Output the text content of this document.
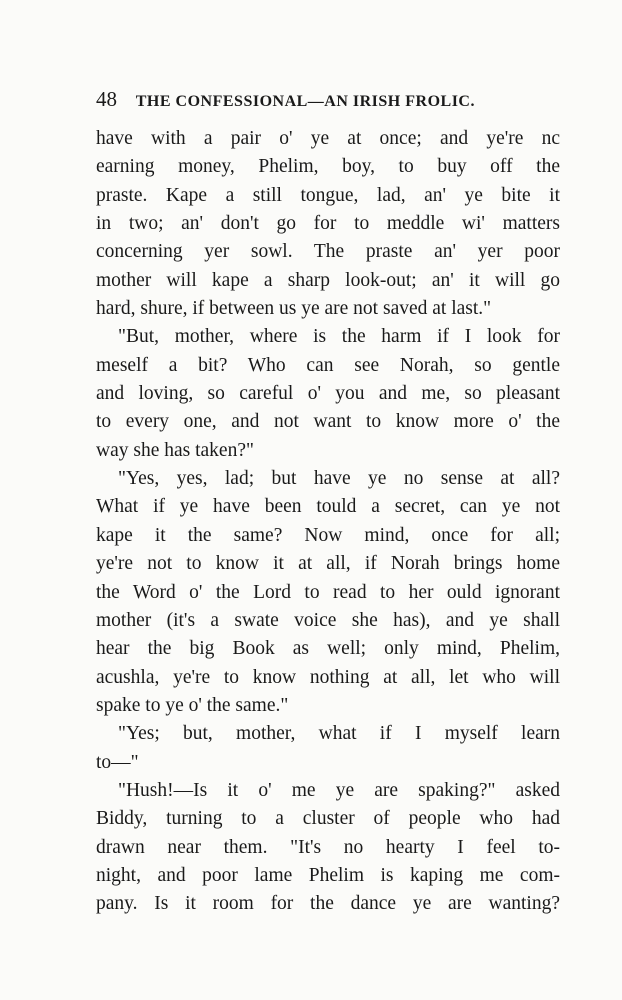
48 THE CONFESSIONAL—AN IRISH FROLIC.
have with a pair o' ye at once; and ye're nc
earning money, Phelim, boy, to buy off the
praste. Kape a still tongue, lad, an' ye bite it
in two; an' don't go for to meddle wi' matters
concerning yer sowl. The praste an' yer poor
mother will kape a sharp look-out; an' it will go
hard, shure, if between us ye are not saved at last."
"But, mother, where is the harm if I look for
meself a bit? Who can see Norah, so gentle
and loving, so careful o' you and me, so pleasant
to every one, and not want to know more o' the
way she has taken?"
"Yes, yes, lad; but have ye no sense at all?
What if ye have been tould a secret, can ye not
kape it the same? Now mind, once for all;
ye're not to know it at all, if Norah brings home
the Word o' the Lord to read to her ould ignorant
mother (it's a swate voice she has), and ye shall
hear the big Book as well; only mind, Phelim,
acushla, ye're to know nothing at all, let who will
spake to ye o' the same."
"Yes; but, mother, what if I myself learn
to—"
"Hush!—Is it o' me ye are spaking?" asked
Biddy, turning to a cluster of people who had
drawn near them. "It's no hearty I feel to-
night, and poor lame Phelim is kaping me com-
pany. Is it room for the dance ye are wanting?
